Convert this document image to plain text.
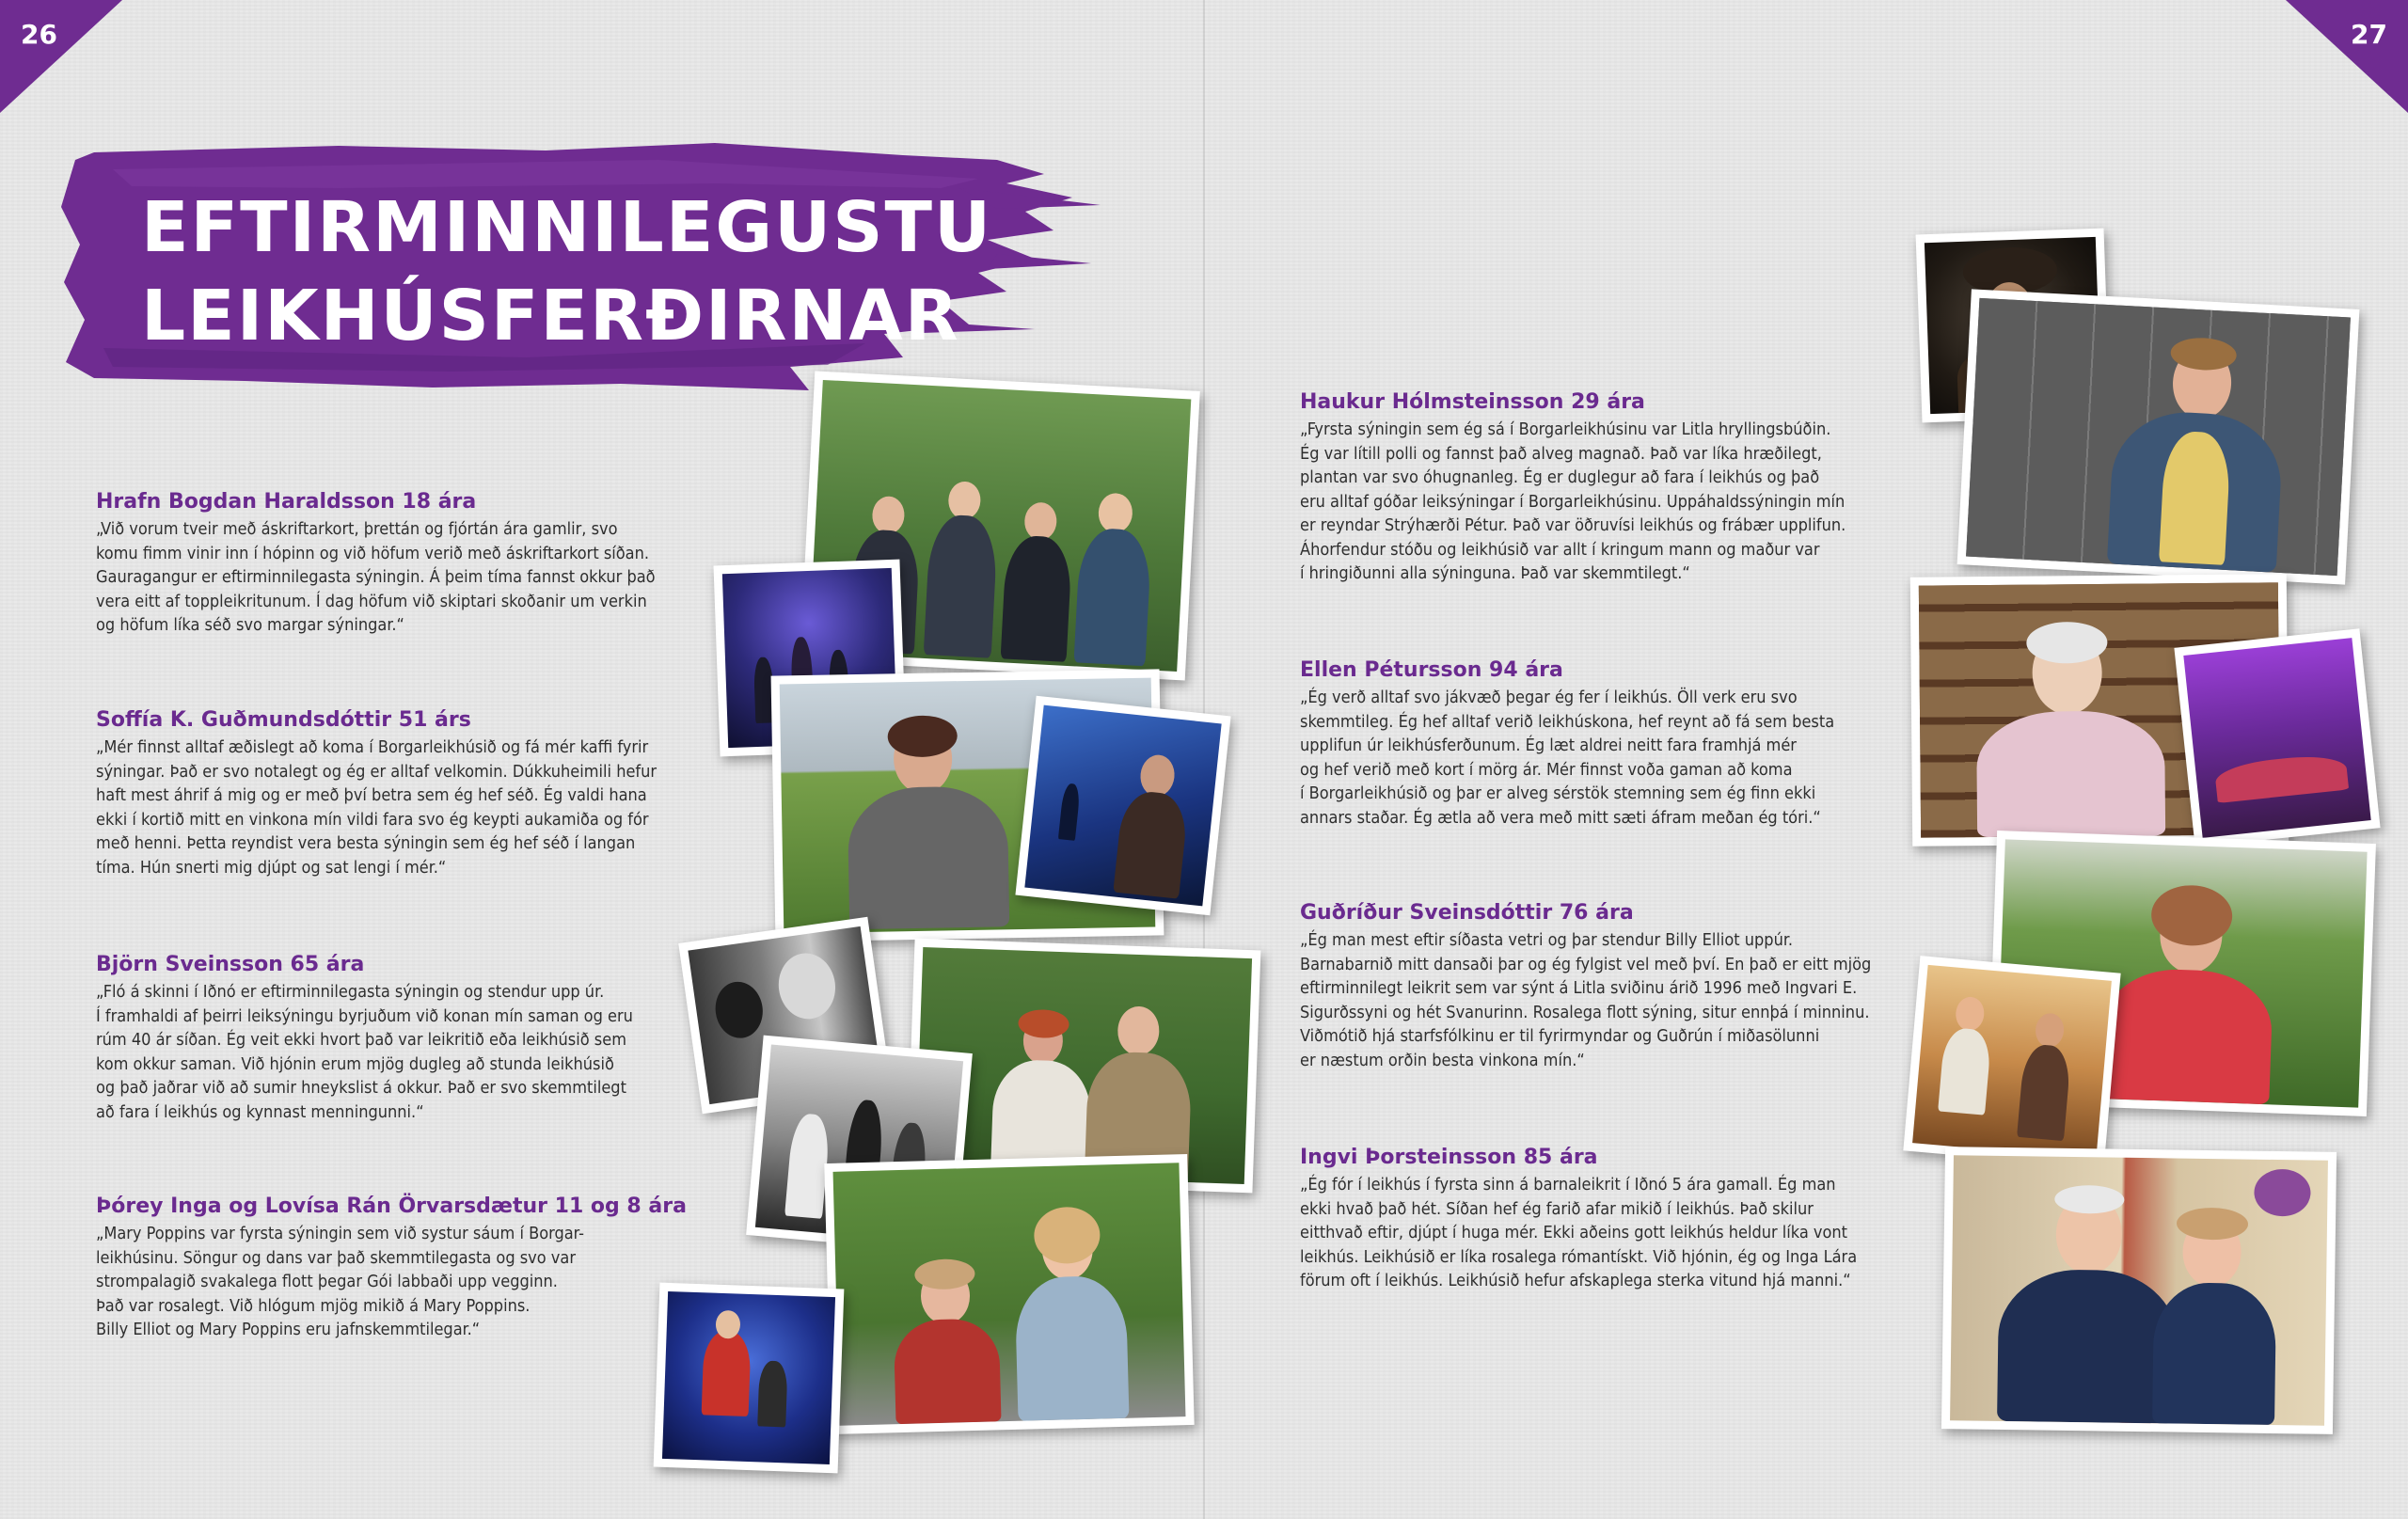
26	27
EFTIRMINNILEGUSTU
LEIKHÚSFERÐIRNAR

Hrafn Bogdan Haraldsson 18 ára

„Við vorum tveir með áskriftarkort, þrettán og fjórtán ára gamlir, svo
komu fimm vinir inn í hópinn og við höfum verið með áskriftarkort síðan.
Gauragangur er eftirminnilegasta sýningin. Á þeim tíma fannst okkur það
vera eitt af toppleikritunum. Í dag höfum við skiptari skoðanir um verkin
og höfum líka séð svo margar sýningar.“

Soffía K. Guðmundsdóttir 51 árs

„Mér finnst alltaf æðislegt að koma í Borgarleikhúsið og fá mér kaffi fyrir
sýningar. Það er svo notalegt og ég er alltaf velkomin. Dúkkuheimili hefur
haft mest áhrif á mig og er með því betra sem ég hef séð. Ég valdi hana
ekki í kortið mitt en vinkona mín vildi fara svo ég keypti aukamiða og fór
með henni. Þetta reyndist vera besta sýningin sem ég hef séð í langan
tíma. Hún snerti mig djúpt og sat lengi í mér.“

Björn Sveinsson 65 ára

„Fló á skinni í Iðnó er eftirminnilegasta sýningin og stendur upp úr.
Í framhaldi af þeirri leiksýningu byrjuðum við konan mín saman og eru
rúm 40 ár síðan. Ég veit ekki hvort það var leikritið eða leikhúsið sem
kom okkur saman. Við hjónin erum mjög dugleg að stunda leikhúsið
og það jaðrar við að sumir hneykslist á okkur. Það er svo skemmtilegt
að fara í leikhús og kynnast menningunni.“

Þórey Inga og Lovísa Rán Örvarsdætur 11 og 8 ára

„Mary Poppins var fyrsta sýningin sem við systur sáum í Borgar-
leikhúsinu. Söngur og dans var það skemmtilegasta og svo var
strompalagið svakalega flott þegar Gói labbaði upp vegginn.
Það var rosalegt. Við hlógum mjög mikið á Mary Poppins.
Billy Elliot og Mary Poppins eru jafnskemmtilegar.“

Haukur Hólmsteinsson 29 ára

„Fyrsta sýningin sem ég sá í Borgarleikhúsinu var Litla hryllingsbúðin.
Ég var lítill polli og fannst það alveg magnað. Það var líka hræðilegt,
plantan var svo óhugnanleg. Ég er duglegur að fara í leikhús og það
eru alltaf góðar leiksýningar í Borgarleikhúsinu. Uppáhaldssýningin mín
er reyndar Strýhærði Pétur. Það var öðruvísi leikhús og frábær upplifun.
Áhorfendur stóðu og leikhúsið var allt í kringum mann og maður var
í hringiðunni alla sýninguna. Það var skemmtilegt.“

Ellen Pétursson 94 ára

„Ég verð alltaf svo jákvæð þegar ég fer í leikhús. Öll verk eru svo
skemmtileg. Ég hef alltaf verið leikhúskona, hef reynt að fá sem besta
upplifun úr leikhúsferðunum. Ég læt aldrei neitt fara framhjá mér
og hef verið með kort í mörg ár. Mér finnst voða gaman að koma
í Borgarleikhúsið og þar er alveg sérstök stemning sem ég finn ekki
annars staðar. Ég ætla að vera með mitt sæti áfram meðan ég tóri.“

Guðríður Sveinsdóttir 76 ára

„Ég man mest eftir síðasta vetri og þar stendur Billy Elliot uppúr.
Barnabarnið mitt dansaði þar og ég fylgist vel með því. En það er eitt mjög
eftirminnilegt leikrit sem var sýnt á Litla sviðinu árið 1996 með Ingvari E.
Sigurðssyni og hét Svanurinn. Rosalega flott sýning, situr ennþá í minninu.
Viðmótið hjá starfsfólkinu er til fyrirmyndar og Guðrún í miðasölunni
er næstum orðin besta vinkona mín.“

Ingvi Þorsteinsson 85 ára

„Ég fór í leikhús í fyrsta sinn á barnaleikrit í Iðnó 5 ára gamall. Ég man
ekki hvað það hét. Síðan hef ég farið afar mikið í leikhús. Það skilur
eitthvað eftir, djúpt í huga mér. Ekki aðeins gott leikhús heldur líka vont
leikhús. Leikhúsið er líka rosalega rómantískt. Við hjónin, ég og Inga Lára
förum oft í leikhús. Leikhúsið hefur afskaplega sterka vitund hjá manni.“
